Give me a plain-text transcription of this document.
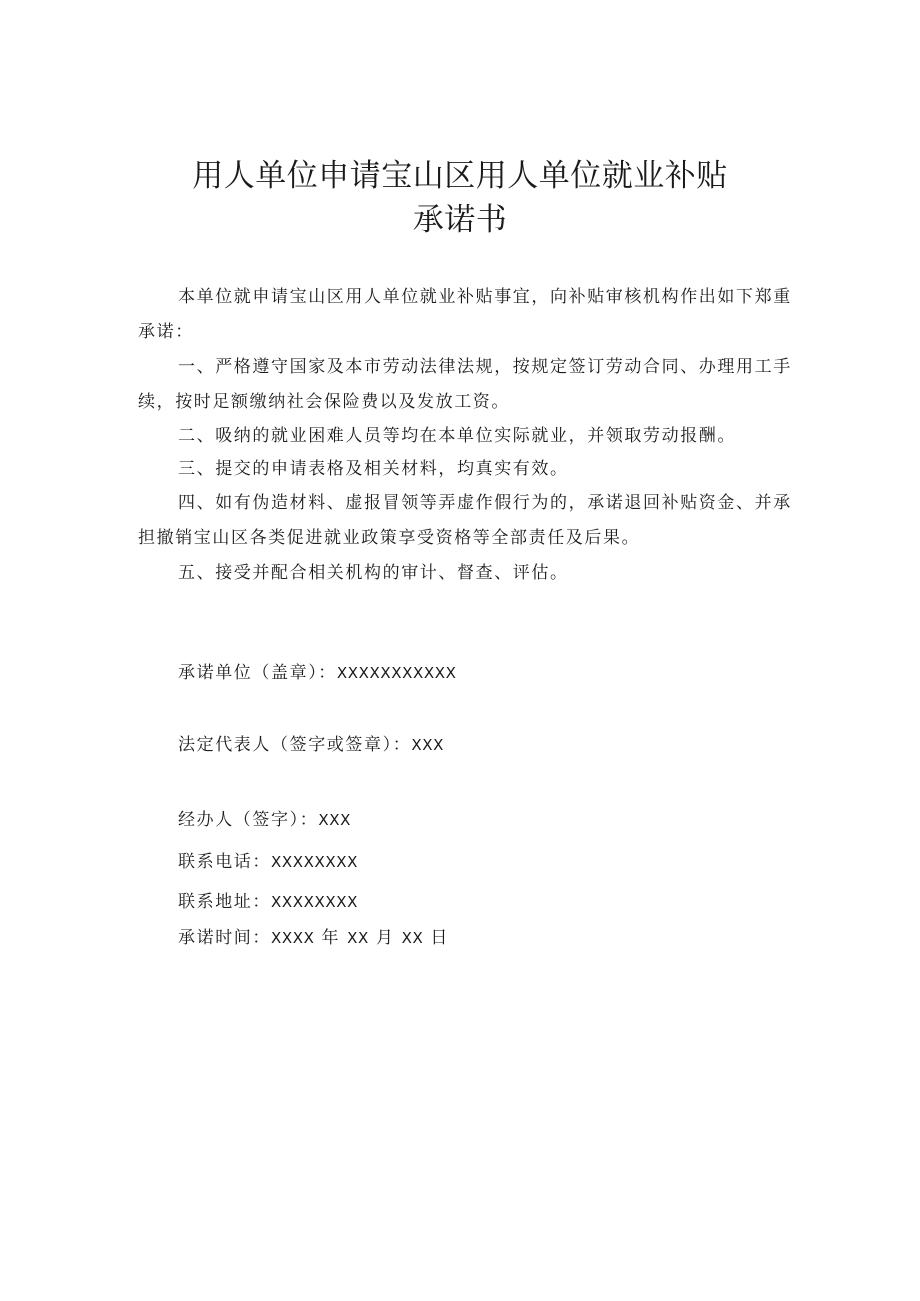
用人单位申请宝山区用人单位就业补贴
承诺书

本单位就申请宝山区用人单位就业补贴事宜，向补贴审核机构作出如下郑重承诺：

一、严格遵守国家及本市劳动法律法规，按规定签订劳动合同、办理用工手续，按时足额缴纳社会保险费以及发放工资。

二、吸纳的就业困难人员等均在本单位实际就业，并领取劳动报酬。

三、提交的申请表格及相关材料，均真实有效。

四、如有伪造材料、虚报冒领等弄虚作假行为的，承诺退回补贴资金、并承担撤销宝山区各类促进就业政策享受资格等全部责任及后果。

五、接受并配合相关机构的审计、督查、评估。

承诺单位（盖章）：XXXXXXXXXXX
法定代表人（签字或签章）：XXX
经办人（签字）：XXX
联系电话：XXXXXXXX
联系地址：XXXXXXXX
承诺时间：XXXX 年 XX 月 XX 日
